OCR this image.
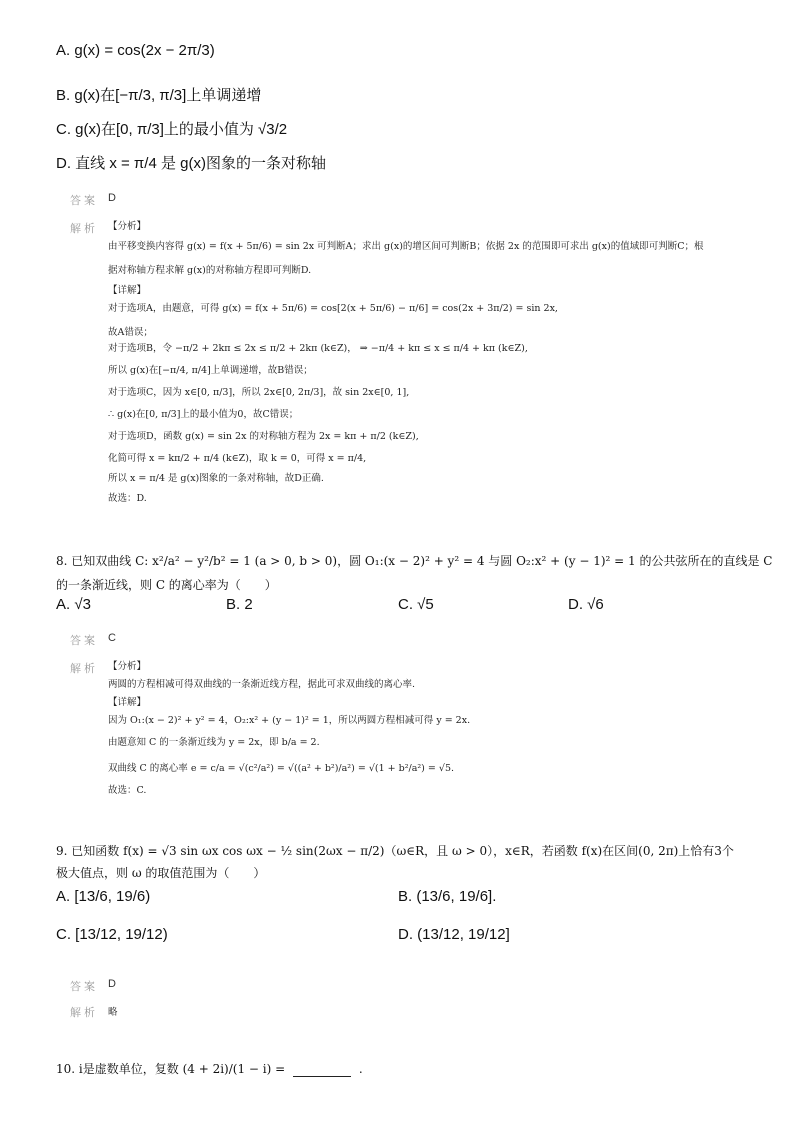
A. g(x) = cos(2x − 2π/3)
B. g(x)在[−π/3, π/3]上单调递增
C. g(x)在[0, π/3]上的最小值为 √3/2
D. 直线 x = π/4 是 g(x)图象的一条对称轴
答案 D
解析 【分析】
由平移变换内容得 g(x) = f(x + 5π/6) = sin 2x 可判断A；求出 g(x)的增区间可判断B；依据 2x 的范围即可求出 g(x)的值域即可判断C；根
据对称轴方程求解 g(x)的对称轴方程即可判断D.
【详解】
对于选项A，由题意，可得 g(x) = f(x + 5π/6) = cos[2(x + 5π/6) − π/6] = cos(2x + 3π/2) = sin 2x,
故A错误；
对于选项B，令 −π/2 + 2kπ ≤ 2x ≤ π/2 + 2kπ (k∈Z)， ⇒ −π/4 + kπ ≤ x ≤ π/4 + kπ (k∈Z),
所以 g(x)在[−π/4, π/4]上单调递增，故B错误；
对于选项C，因为 x∈[0, π/3]，所以 2x∈[0, 2π/3]，故 sin 2x∈[0, 1],
∴ g(x)在[0, π/3]上的最小值为0，故C错误；
对于选项D，函数 g(x) = sin 2x 的对称轴方程为 2x = kπ + π/2 (k∈Z),
化简可得 x = kπ/2 + π/4 (k∈Z)，取 k = 0，可得 x = π/4,
所以 x = π/4 是 g(x)图象的一条对称轴，故D正确.
故选：D.
8. 已知双曲线 C: x²/a² − y²/b² = 1 (a > 0, b > 0)，圆 O₁:(x − 2)² + y² = 4 与圆 O₂:x² + (y − 1)² = 1 的公共弦所在的直线是 C
的一条渐近线，则 C 的离心率为（　　）
A. √3	B. 2	C. √5	D. √6
答案 C
解析 【分析】
两圆的方程相减可得双曲线的一条渐近线方程，据此可求双曲线的离心率.
【详解】
因为 O₁:(x − 2)² + y² = 4，O₂:x² + (y − 1)² = 1，所以两圆方程相减可得 y = 2x.
由题意知 C 的一条渐近线为 y = 2x，即 b/a = 2.
双曲线 C 的离心率 e = c/a = √(c²/a²) = √((a² + b²)/a²) = √(1 + b²/a²) = √5.
故选：C.
9. 已知函数 f(x) = √3 sin ωx cos ωx − ½ sin(2ωx − π/2)（ω∈R，且 ω > 0），x∈R，若函数 f(x)在区间(0, 2π)上恰有3个
极大值点，则 ω 的取值范围为（　　）
A. [13/6, 19/6)	B. (13/6, 19/6].
C. [13/12, 19/12)	D. (13/12, 19/12]
答案 D
解析 略
10. i是虚数单位，复数 (4 + 2i)/(1 − i) =	.
